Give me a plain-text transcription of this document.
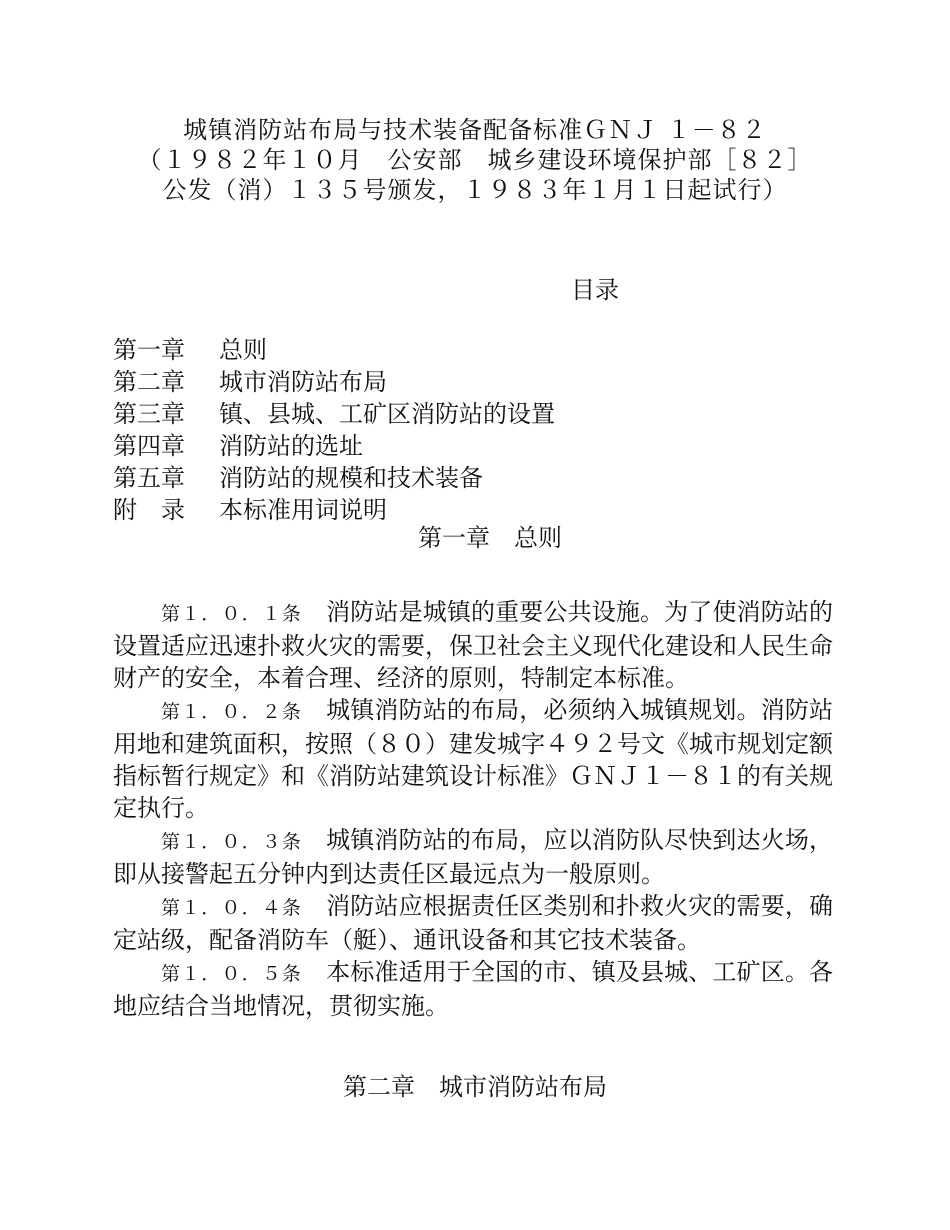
城镇消防站布局与技术装备配备标准ＧＮＪ １－８２
（１９８２年１０月　公安部　城乡建设环境保护部［８２］
公发（消）１３５号颁发，１９８３年１月１日起试行）
目录
第一章 总则
第二章 城市消防站布局
第三章 镇、县城、工矿区消防站的设置
第四章 消防站的选址
第五章 消防站的规模和技术装备
附　录 本标准用词说明
第一章　总则

第１．０．１条　消防站是城镇的重要公共设施。为了使消防站的设置适应迅速扑救火灾的需要，保卫社会主义现代化建设和人民生命财产的安全，本着合理、经济的原则，特制定本标准。

第１．０．２条　城镇消防站的布局，必须纳入城镇规划。消防站用地和建筑面积，按照（８０）建发城字４９２号文《城市规划定额指标暂行规定》和《消防站建筑设计标准》ＧＮＪ１－８１的有关规定执行。

第１．０．３条　城镇消防站的布局，应以消防队尽快到达火场，即从接警起五分钟内到达责任区最远点为一般原则。

第１．０．４条　消防站应根据责任区类别和扑救火灾的需要，确定站级，配备消防车（艇）、通讯设备和其它技术装备。

第１．０．５条　本标准适用于全国的市、镇及县城、工矿区。各地应结合当地情况，贯彻实施。

第二章　城市消防站布局
